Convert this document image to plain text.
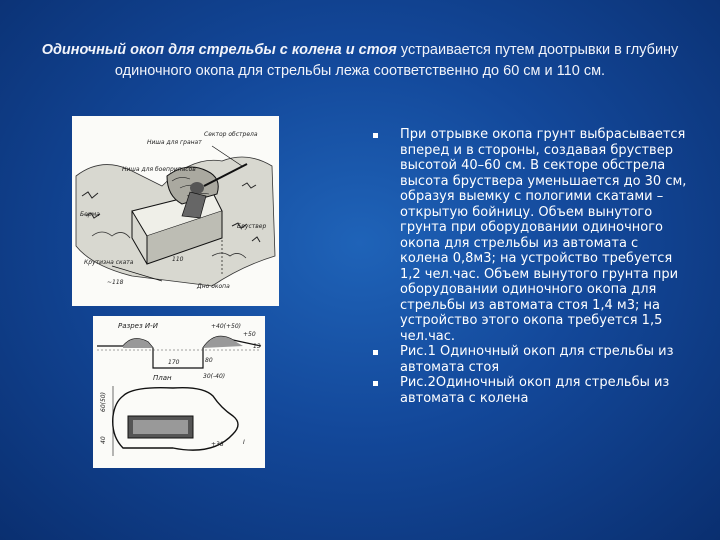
Одиночный окоп для стрельбы с колена и стоя устраивается путем доотрывки в глубину одиночного окопа для стрельбы лежа соответственно до 60 см и 110 см.
Сектор обстрела
Ниша для гранат
Ниша для боеприпасов
Берма
Бруствер
Крутизна ската
Дно окопа
110
~118
Разрез И-И	+40(+50)
+50
13
170	80
30(-40)
План
60(50)
40
+38	I
При отрывке окопа грунт выбрасывается вперед и в стороны, создавая бруствер высотой 40–60 см. В секторе обстрела высота бруствера уменьшается до 30 см, образуя выемку с пологими скатами – открытую бойницу. Объем вынутого грунта при оборудовании одиночного окопа для стрельбы из автомата с колена 0,8м3; на устройство требуется 1,2 чел.час. Объем вынутого грунта при оборудовании одиночного окопа для стрельбы из автомата стоя 1,4 м3; на устройство этого окопа требуется 1,5 чел.час.
Рис.1 Одиночный окоп для стрельбы из автомата стоя
Рис.2Одиночный окоп для стрельбы из автомата с колена
